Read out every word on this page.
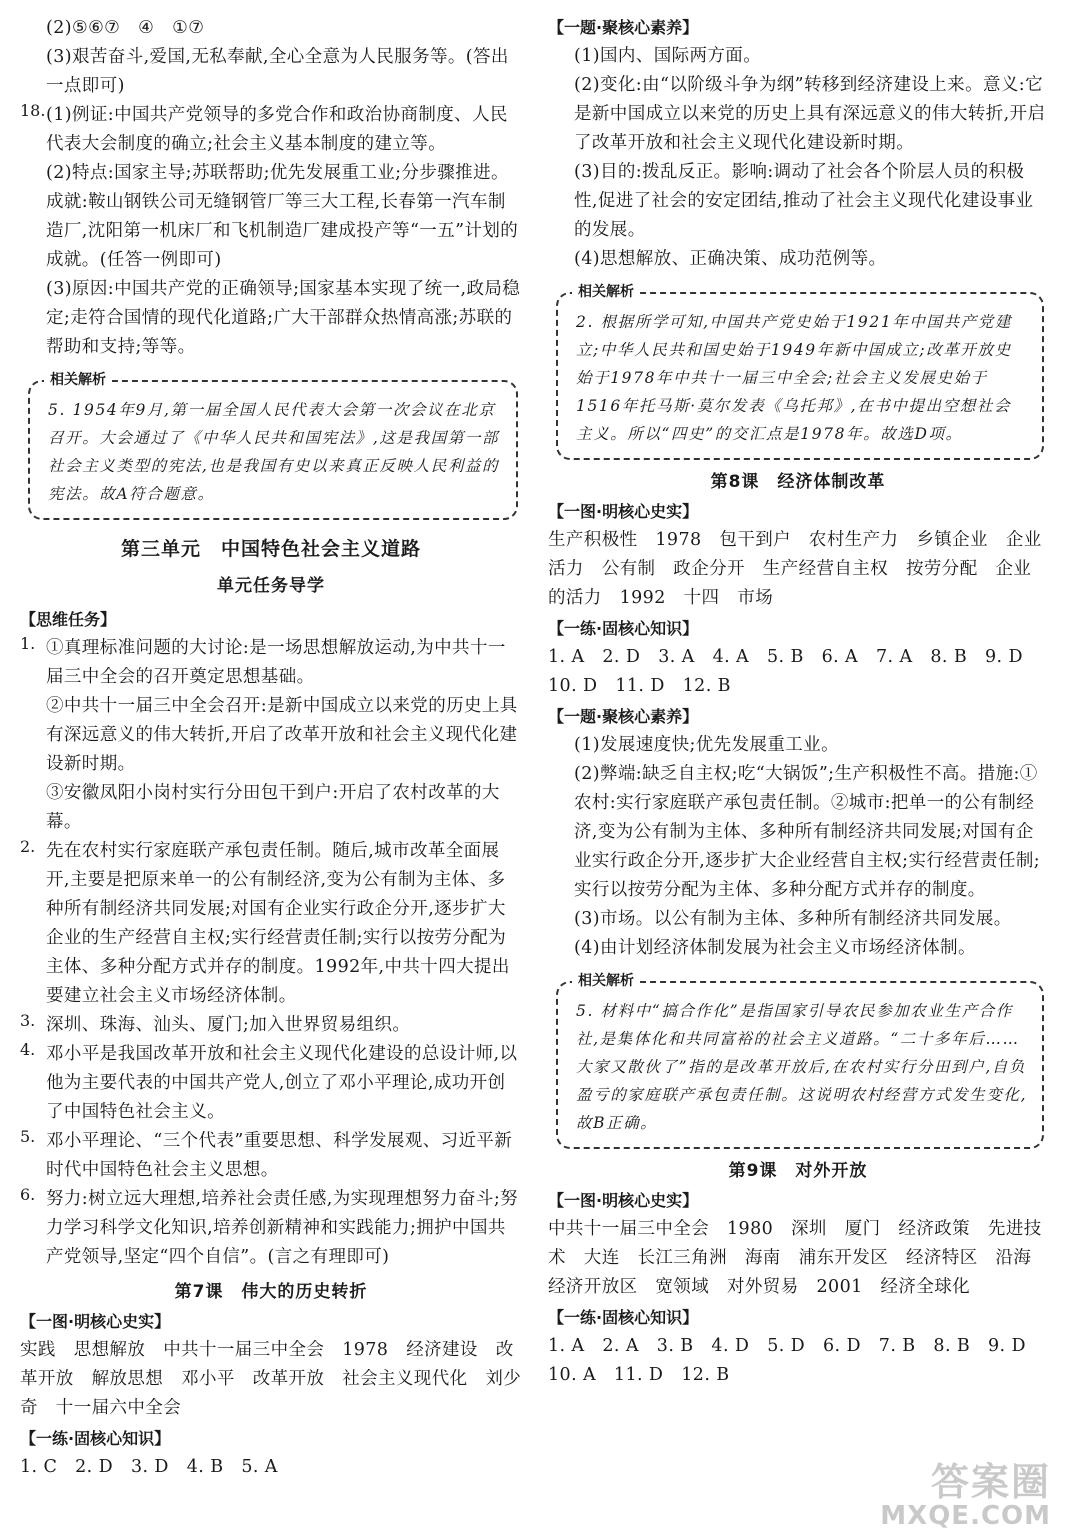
(2)⑤⑥⑦　④　①⑦

(3)艰苦奋斗,爱国,无私奉献,全心全意为人民服务等。(答出一点即可)

18. (1)例证:中国共产党领导的多党合作和政治协商制度、人民代表大会制度的确立;社会主义基本制度的建立等。

(2)特点:国家主导;苏联帮助;优先发展重工业;分步骤推进。成就:鞍山钢铁公司无缝钢管厂等三大工程,长春第一汽车制造厂,沈阳第一机床厂和飞机制造厂建成投产等“一五”计划的成就。(任答一例即可)

(3)原因:中国共产党的正确领导;国家基本实现了统一,政局稳定;走符合国情的现代化道路;广大干部群众热情高涨;苏联的帮助和支持;等等。

相关解析

5. 1954年9月,第一届全国人民代表大会第一次会议在北京召开。大会通过了《中华人民共和国宪法》,这是我国第一部社会主义类型的宪法,也是我国有史以来真正反映人民利益的宪法。故A符合题意。

第三单元　中国特色社会主义道路
单元任务导学
【思维任务】
1. ①真理标准问题的大讨论:是一场思想解放运动,为中共十一届三中全会的召开奠定思想基础。

②中共十一届三中全会召开:是新中国成立以来党的历史上具有深远意义的伟大转折,开启了改革开放和社会主义现代化建设新时期。

③安徽凤阳小岗村实行分田包干到户:开启了农村改革的大幕。

2. 先在农村实行家庭联产承包责任制。随后,城市改革全面展开,主要是把原来单一的公有制经济,变为公有制为主体、多种所有制经济共同发展;对国有企业实行政企分开,逐步扩大企业的生产经营自主权;实行经营责任制;实行以按劳分配为主体、多种分配方式并存的制度。1992年,中共十四大提出要建立社会主义市场经济体制。

3. 深圳、珠海、汕头、厦门;加入世界贸易组织。

4. 邓小平是我国改革开放和社会主义现代化建设的总设计师,以他为主要代表的中国共产党人,创立了邓小平理论,成功开创了中国特色社会主义。

5. 邓小平理论、“三个代表”重要思想、科学发展观、习近平新时代中国特色社会主义思想。

6. 努力:树立远大理想,培养社会责任感,为实现理想努力奋斗;努力学习科学文化知识,培养创新精神和实践能力;拥护中国共产党领导,坚定“四个自信”。(言之有理即可)

第7课　伟大的历史转折
【一图·明核心史实】

实践　思想解放　中共十一届三中全会　1978　经济建设　改革开放　解放思想　邓小平　改革开放　社会主义现代化　刘少奇　十一届六中全会

【一练·固核心知识】

1. C　2. D　3. D　4. B　5. A

【一题·聚核心素养】

(1)国内、国际两方面。

(2)变化:由“以阶级斗争为纲”转移到经济建设上来。意义:它是新中国成立以来党的历史上具有深远意义的伟大转折,开启了改革开放和社会主义现代化建设新时期。

(3)目的:拨乱反正。影响:调动了社会各个阶层人员的积极性,促进了社会的安定团结,推动了社会主义现代化建设事业的发展。

(4)思想解放、正确决策、成功范例等。

相关解析

2. 根据所学可知,中国共产党史始于1921年中国共产党建立;中华人民共和国史始于1949年新中国成立;改革开放史始于1978年中共十一届三中全会;社会主义发展史始于1516年托马斯·莫尔发表《乌托邦》,在书中提出空想社会主义。所以“四史”的交汇点是1978年。故选D项。

第8课　经济体制改革
【一图·明核心史实】

生产积极性　1978　包干到户　农村生产力　乡镇企业　企业活力　公有制　政企分开　生产经营自主权　按劳分配　企业的活力　1992　十四　市场

【一练·固核心知识】

1. A　2. D　3. A　4. A　5. B　6. A　7. A　8. B　9. D　10. D　11. D　12. B

【一题·聚核心素养】

(1)发展速度快;优先发展重工业。

(2)弊端:缺乏自主权;吃“大锅饭”;生产积极性不高。措施:①农村:实行家庭联产承包责任制。②城市:把单一的公有制经济,变为公有制为主体、多种所有制经济共同发展;对国有企业实行政企分开,逐步扩大企业经营自主权;实行经营责任制;实行以按劳分配为主体、多种分配方式并存的制度。

(3)市场。以公有制为主体、多种所有制经济共同发展。

(4)由计划经济体制发展为社会主义市场经济体制。

相关解析

5. 材料中“搞合作化”是指国家引导农民参加农业生产合作社,是集体化和共同富裕的社会主义道路。“二十多年后……大家又散伙了”指的是改革开放后,在农村实行分田到户,自负盈亏的家庭联产承包责任制。这说明农村经营方式发生变化,故B正确。

第9课　对外开放
【一图·明核心史实】

中共十一届三中全会　1980　深圳　厦门　经济政策　先进技术　大连　长江三角洲　海南　浦东开发区　经济特区　沿海经济开放区　宽领域　对外贸易　2001　经济全球化

【一练·固核心知识】

1. A　2. A　3. B　4. D　5. D　6. D　7. B　8. B　9. D　10. A　11. D　12. B

答案圈
MXQE.COM
